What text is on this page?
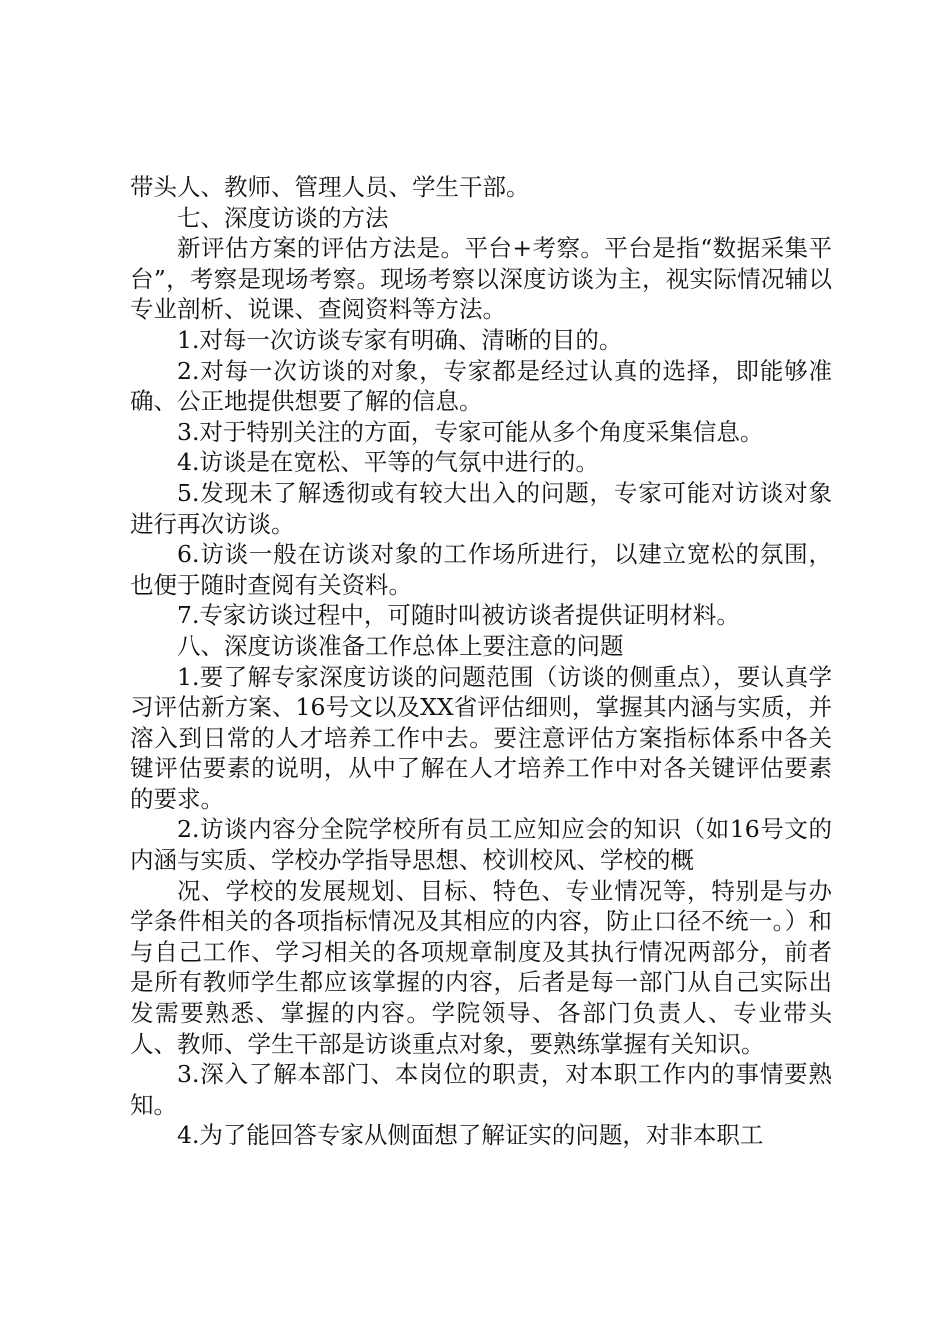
带头人、教师、管理人员、学生干部。

七、深度访谈的方法

新评估方案的评估方法是。平台+考察。平台是指“数据采集平台”，考察是现场考察。现场考察以深度访谈为主，视实际情况辅以专业剖析、说课、查阅资料等方法。

1.对每一次访谈专家有明确、清晰的目的。

2.对每一次访谈的对象，专家都是经过认真的选择，即能够准确、公正地提供想要了解的信息。

3.对于特别关注的方面，专家可能从多个角度采集信息。

4.访谈是在宽松、平等的气氛中进行的。

5.发现未了解透彻或有较大出入的问题，专家可能对访谈对象进行再次访谈。

6.访谈一般在访谈对象的工作场所进行，以建立宽松的氛围，也便于随时查阅有关资料。

7.专家访谈过程中，可随时叫被访谈者提供证明材料。

八、深度访谈准备工作总体上要注意的问题

1.要了解专家深度访谈的问题范围（访谈的侧重点），要认真学习评估新方案、16号文以及XX省评估细则，掌握其内涵与实质，并溶入到日常的人才培养工作中去。要注意评估方案指标体系中各关键评估要素的说明，从中了解在人才培养工作中对各关键评估要素的要求。

2.访谈内容分全院学校所有员工应知应会的知识（如16号文的内涵与实质、学校办学指导思想、校训校风、学校的概

况、学校的发展规划、目标、特色、专业情况等，特别是与办学条件相关的各项指标情况及其相应的内容，防止口径不统一。）和与自己工作、学习相关的各项规章制度及其执行情况两部分，前者是所有教师学生都应该掌握的内容，后者是每一部门从自己实际出发需要熟悉、掌握的内容。学院领导、各部门负责人、专业带头人、教师、学生干部是访谈重点对象，要熟练掌握有关知识。

3.深入了解本部门、本岗位的职责，对本职工作内的事情要熟知。

4.为了能回答专家从侧面想了解证实的问题，对非本职工
